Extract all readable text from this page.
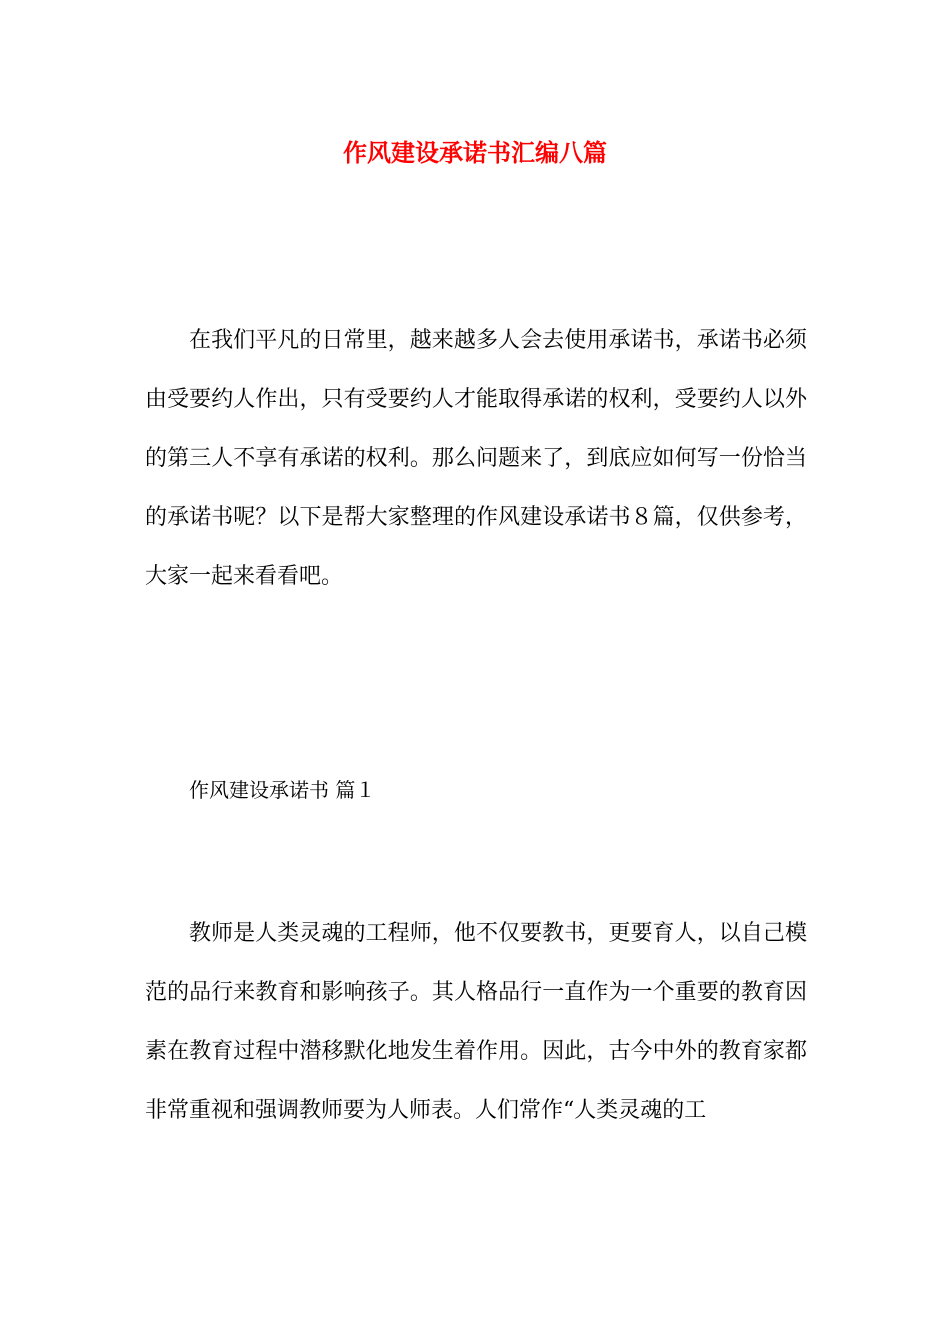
作风建设承诺书汇编八篇

在我们平凡的日常里，越来越多人会去使用承诺书，承诺书必须由受要约人作出，只有受要约人才能取得承诺的权利，受要约人以外的第三人不享有承诺的权利。那么问题来了，到底应如何写一份恰当的承诺书呢？以下是帮大家整理的作风建设承诺书８篇，仅供参考，大家一起来看看吧。

作风建设承诺书 篇１

教师是人类灵魂的工程师，他不仅要教书，更要育人，以自己模范的品行来教育和影响孩子。其人格品行一直作为一个重要的教育因素在教育过程中潜移默化地发生着作用。因此，古今中外的教育家都非常重视和强调教师要为人师表。人们常作“人类灵魂的工
